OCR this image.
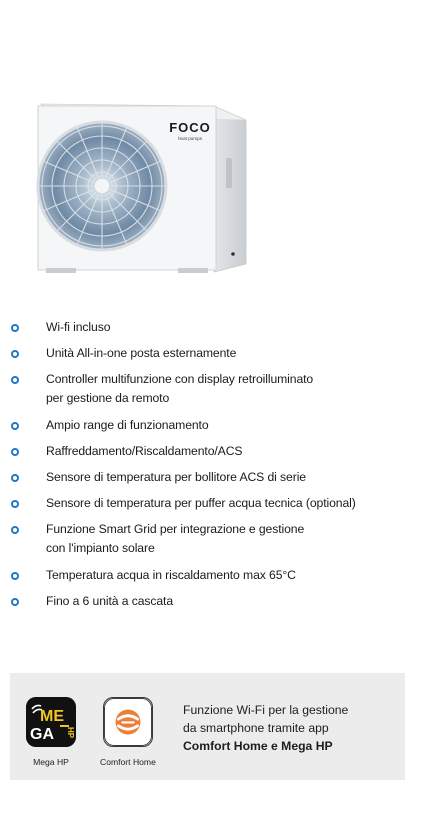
FOCO
heat pumps
Wi-fi incluso
Unità All-in-one posta esternamente
Controller multifunzione con display retroilluminato
per gestione da remoto
Ampio range di funzionamento
Raffreddamento/Riscaldamento/ACS
Sensore di temperatura per bollitore ACS di serie
Sensore di temperatura per puffer acqua tecnica (optional)
Funzione Smart Grid per integrazione e gestione
con l'impianto solare
Temperatura acqua in riscaldamento max 65°C
Fino a 6 unità a cascata
ME
GA HP
Mega HP	Comfort Home
Funzione Wi-Fi per la gestione
da smartphone tramite app
Comfort Home e Mega HP
